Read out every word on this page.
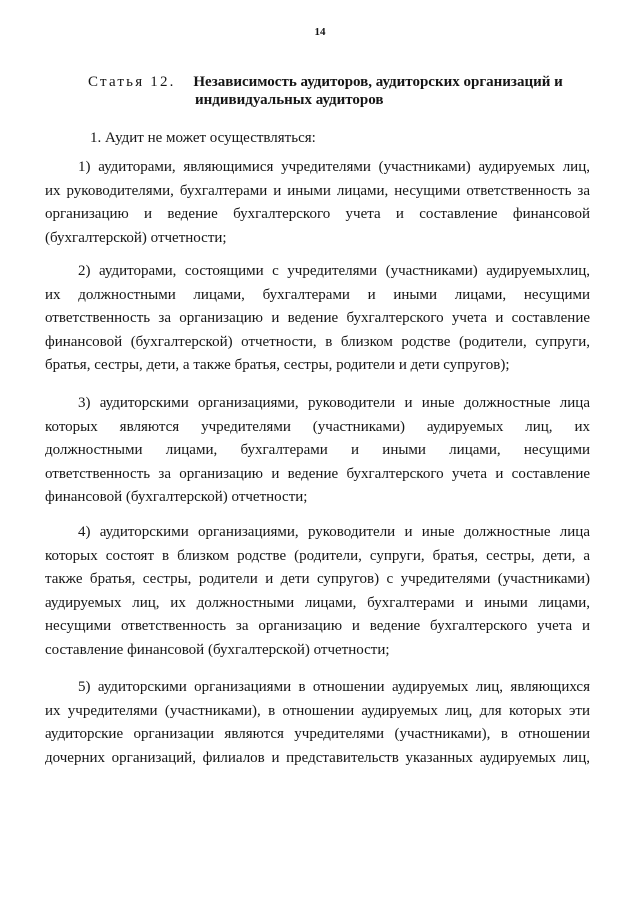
14
Статья 12. Независимость аудиторов, аудиторских организаций и
индивидуальных аудиторов
1. Аудит не может осуществляться:
1) аудиторами, являющимися учредителями (участниками) аудируемых лиц,
их руководителями, бухгалтерами и иными лицами, несущими ответственность за
организацию и ведение бухгалтерского учета и составление финансовой
(бухгалтерской) отчетности;
2) аудиторами, состоящими с учредителями (участниками) аудируемыхлиц,
их должностными лицами, бухгалтерами и иными лицами, несущими
ответственность за организацию и ведение бухгалтерского учета и составление
финансовой (бухгалтерской) отчетности, в близком родстве (родители, супруги,
братья, сестры, дети, а также братья, сестры, родители и дети супругов);
3) аудиторскими организациями, руководители и иные должностные лица
которых являются учредителями (участниками) аудируемых лиц, их
должностными лицами, бухгалтерами и иными лицами, несущими
ответственность за организацию и ведение бухгалтерского учета и составление
финансовой (бухгалтерской) отчетности;
4) аудиторскими организациями, руководители и иные должностные лица
которых состоят в близком родстве (родители, супруги, братья, сестры, дети, а
также братья, сестры, родители и дети супругов) с учредителями (участниками)
аудируемых лиц, их должностными лицами, бухгалтерами и иными лицами,
несущими ответственность за организацию и ведение бухгалтерского учета и
составление финансовой (бухгалтерской) отчетности;
5) аудиторскими организациями в отношении аудируемых лиц, являющихся
их учредителями (участниками), в отношении аудируемых лиц, для которых эти
аудиторские организации являются учредителями (участниками), в отношении
дочерних организаций, филиалов и представительств указанных аудируемых лиц,
